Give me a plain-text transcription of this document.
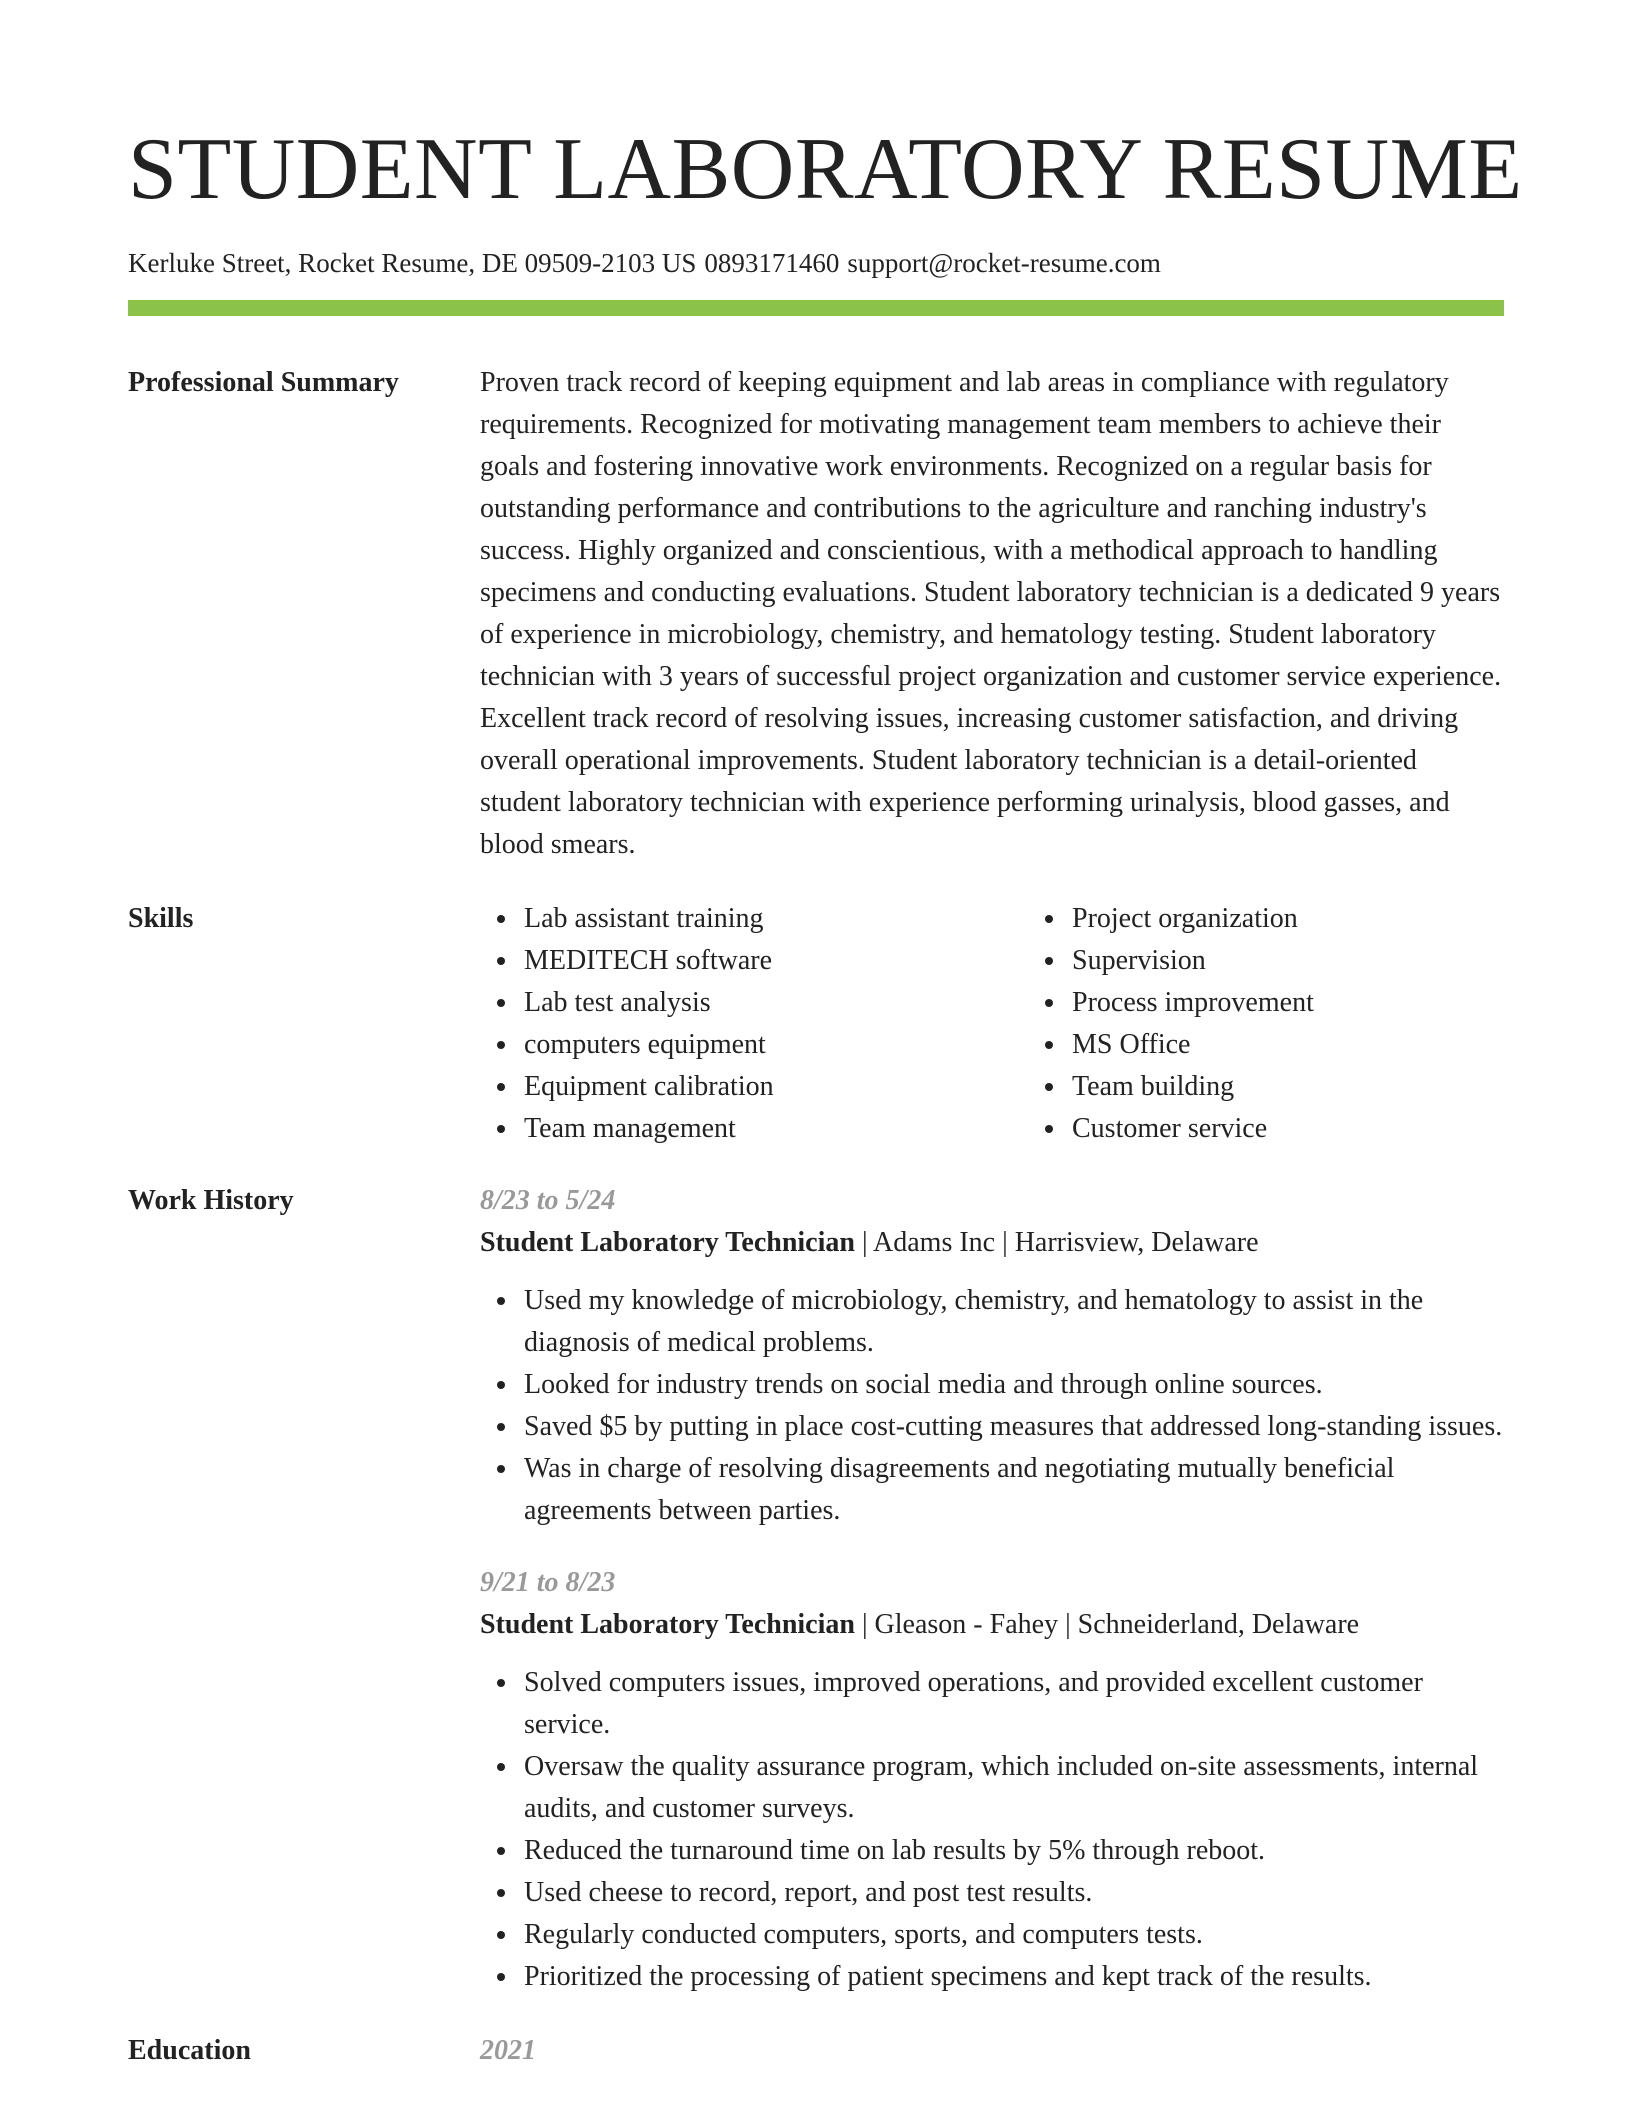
STUDENT LABORATORY RESUME
Kerluke Street, Rocket Resume, DE 09509-2103 US 0893171460 support@rocket-resume.com
Professional Summary	Proven track record of keeping equipment and lab areas in compliance with regulatory requirements. Recognized for motivating management team members to achieve their goals and fostering innovative work environments. Recognized on a regular basis for outstanding performance and contributions to the agriculture and ranching industry's success. Highly organized and conscientious, with a methodical approach to handling specimens and conducting evaluations. Student laboratory technician is a dedicated 9 years of experience in microbiology, chemistry, and hematology testing. Student laboratory technician with 3 years of successful project organization and customer service experience. Excellent track record of resolving issues, increasing customer satisfaction, and driving overall operational improvements. Student laboratory technician is a detail-oriented student laboratory technician with experience performing urinalysis, blood gasses, and blood smears.

Skills	Lab assistant training
MEDITECH software
Lab test analysis
computers equipment
Equipment calibration
Team management
Project organization
Supervision
Process improvement
MS Office
Team building
Customer service
Work History	8/23 to 5/24
Student Laboratory Technician | Adams Inc | Harrisview, Delaware
Used my knowledge of microbiology, chemistry, and hematology to assist in the diagnosis of medical problems.
Looked for industry trends on social media and through online sources.
Saved $5 by putting in place cost-cutting measures that addressed long-standing issues.
Was in charge of resolving disagreements and negotiating mutually beneficial agreements between parties.
9/21 to 8/23
Student Laboratory Technician | Gleason - Fahey | Schneiderland, Delaware
Solved computers issues, improved operations, and provided excellent customer service.
Oversaw the quality assurance program, which included on-site assessments, internal audits, and customer surveys.
Reduced the turnaround time on lab results by 5% through reboot.
Used cheese to record, report, and post test results.
Regularly conducted computers, sports, and computers tests.
Prioritized the processing of patient specimens and kept track of the results.
Education	2021
